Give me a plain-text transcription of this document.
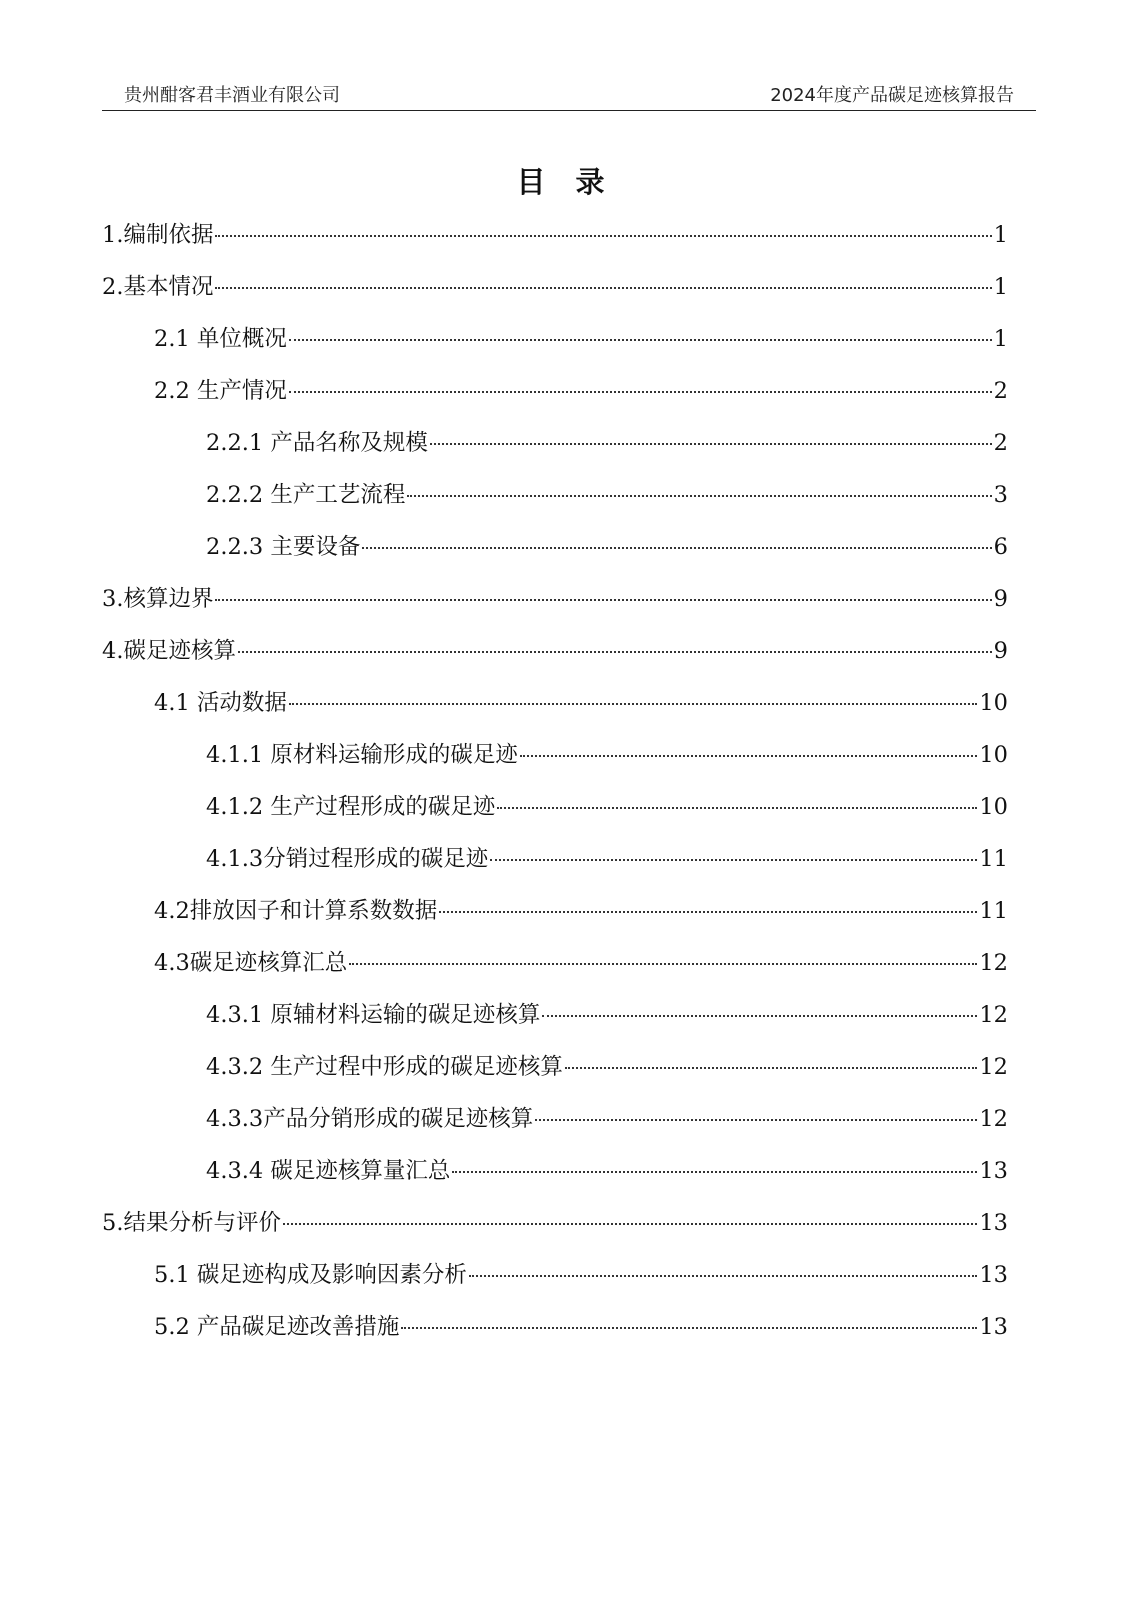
贵州酣客君丰酒业有限公司	2024年度产品碳足迹核算报告
目 录
1.编制依据	1
2.基本情况	1
2.1 单位概况	1
2.2 生产情况	2
2.2.1 产品名称及规模	2
2.2.2 生产工艺流程	3
2.2.3 主要设备	6
3.核算边界	9
4.碳足迹核算	9
4.1 活动数据	10
4.1.1 原材料运输形成的碳足迹	10
4.1.2 生产过程形成的碳足迹	10
4.1.3分销过程形成的碳足迹	11
4.2排放因子和计算系数数据	11
4.3碳足迹核算汇总	12
4.3.1 原辅材料运输的碳足迹核算	12
4.3.2 生产过程中形成的碳足迹核算	12
4.3.3产品分销形成的碳足迹核算	12
4.3.4 碳足迹核算量汇总	13
5.结果分析与评价	13
5.1 碳足迹构成及影响因素分析	13
5.2 产品碳足迹改善措施	13
